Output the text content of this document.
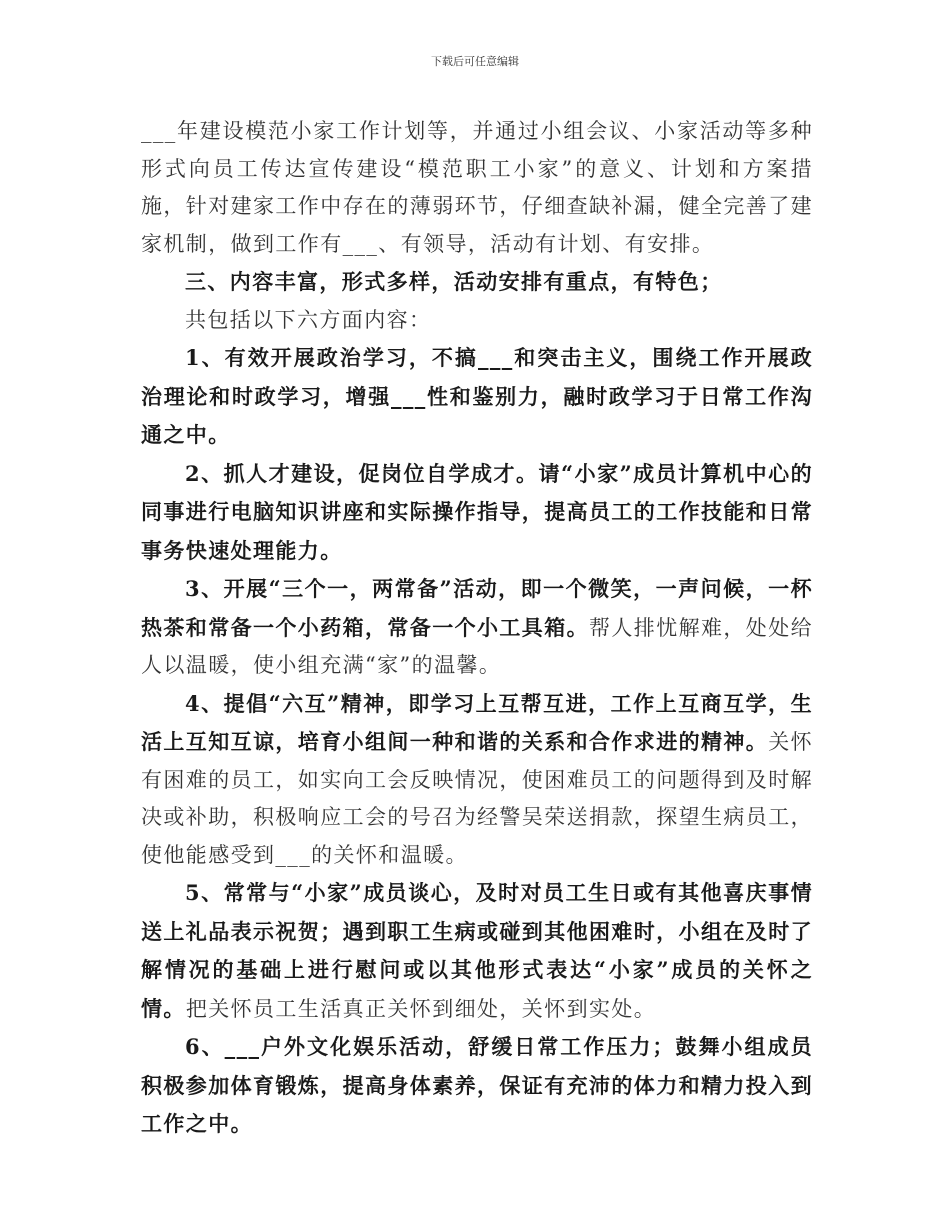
下载后可任意编辑

___年建设模范小家工作计划等，并通过小组会议、小家活动等多种形式向员工传达宣传建设“模范职工小家”的意义、计划和方案措施，针对建家工作中存在的薄弱环节，仔细查缺补漏，健全完善了建家机制，做到工作有___、有领导，活动有计划、有安排。

三、内容丰富，形式多样，活动安排有重点，有特色；

共包括以下六方面内容：

1、有效开展政治学习，不搞___和突击主义，围绕工作开展政治理论和时政学习，增强___性和鉴别力，融时政学习于日常工作沟通之中。

2、抓人才建设，促岗位自学成才。请“小家”成员计算机中心的同事进行电脑知识讲座和实际操作指导，提高员工的工作技能和日常事务快速处理能力。

3、开展“三个一，两常备”活动，即一个微笑，一声问候，一杯热茶和常备一个小药箱，常备一个小工具箱。帮人排忧解难，处处给人以温暖，使小组充满“家”的温馨。

4、提倡“六互”精神，即学习上互帮互进，工作上互商互学，生活上互知互谅，培育小组间一种和谐的关系和合作求进的精神。关怀有困难的员工，如实向工会反映情况，使困难员工的问题得到及时解决或补助，积极响应工会的号召为经警吴荣送捐款，探望生病员工，使他能感受到___的关怀和温暖。

5、常常与“小家”成员谈心，及时对员工生日或有其他喜庆事情送上礼品表示祝贺；遇到职工生病或碰到其他困难时，小组在及时了解情况的基础上进行慰问或以其他形式表达“小家”成员的关怀之情。把关怀员工生活真正关怀到细处，关怀到实处。

6、___户外文化娱乐活动，舒缓日常工作压力；鼓舞小组成员积极参加体育锻炼，提高身体素养，保证有充沛的体力和精力投入到工作之中。
